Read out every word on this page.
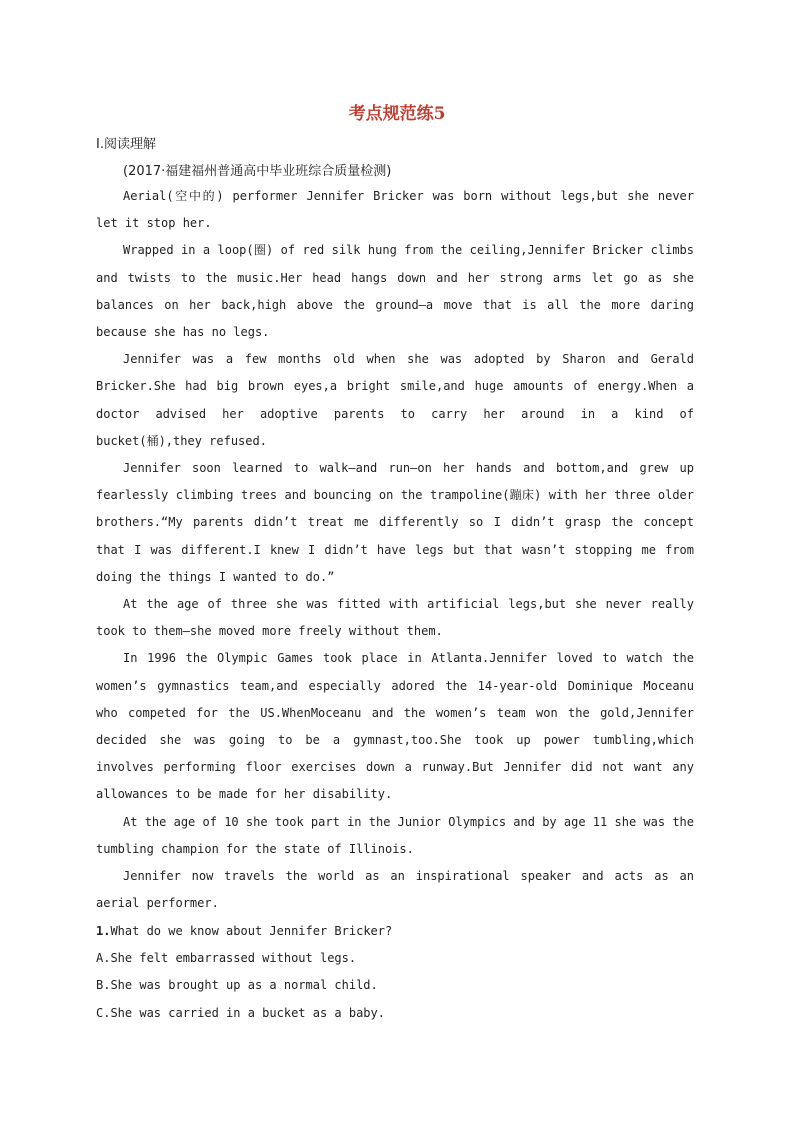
考点规范练5
Ⅰ.阅读理解
(2017·福建福州普通高中毕业班综合质量检测)

Aerial(空中的) performer Jennifer Bricker was born without legs,but she never let it stop her.

Wrapped in a loop(圈) of red silk hung from the ceiling,Jennifer Bricker climbs and twists to the music.Her head hangs down and her strong arms let go as she balances on her back,high above the ground—a move that is all the more daring because she has no legs.

Jennifer was a few months old when she was adopted by Sharon and Gerald Bricker.She had big brown eyes,a bright smile,and huge amounts of energy.When a doctor advised her adoptive parents to carry her around in a kind of bucket(桶),they refused.

Jennifer soon learned to walk—and run—on her hands and bottom,and grew up fearlessly climbing trees and bouncing on the trampoline(蹦床) with her three older brothers.“My parents didn’t treat me differently so I didn’t grasp the concept that I was different.I knew I didn’t have legs but that wasn’t stopping me from doing the things I wanted to do.”

At the age of three she was fitted with artificial legs,but she never really took to them—she moved more freely without them.

In 1996 the Olympic Games took place in Atlanta.Jennifer loved to watch the women’s gymnastics team,and especially adored the 14-year-old Dominique Moceanu who competed for the US.WhenMoceanu and the women’s team won the gold,Jennifer decided she was going to be a gymnast,too.She took up power tumbling,which involves performing floor exercises down a runway.But Jennifer did not want any allowances to be made for her disability.

At the age of 10 she took part in the Junior Olympics and by age 11 she was the tumbling champion for the state of Illinois.

Jennifer now travels the world as an inspirational speaker and acts as an aerial performer.

1.What do we know about Jennifer Bricker?
A.She felt embarrassed without legs.
B.She was brought up as a normal child.
C.She was carried in a bucket as a baby.
